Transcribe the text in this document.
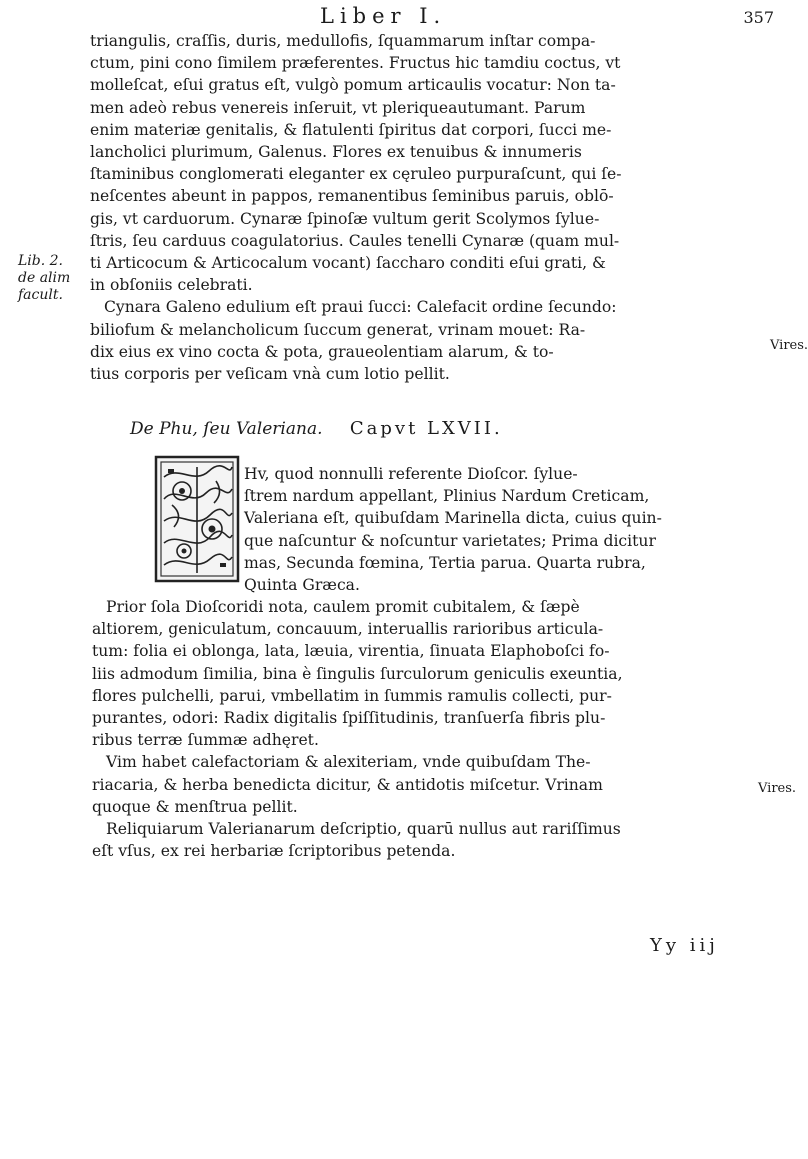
Liber I.	357
Lib. 2.
de alim
facult.
Vires.
Vires.
triangulis, craſſis, duris, medullofis, ſquammarum inſtar compa-
ctum, pini cono ſimilem præferentes. Fructus hic tamdiu coctus, vt
molleſcat, eſui gratus eſt, vulgò pomum articaulis vocatur: Non ta-
men adeò rebus venereis inſeruit, vt pleriqueautumant. Parum
enim materiæ genitalis, & flatulenti ſpiritus dat corpori, ſucci me-
lancholici plurimum, Galenus. Flores ex tenuibus & innumeris
ſtaminibus conglomerati eleganter ex cęruleo purpuraſcunt, qui ſe-
neſcentes abeunt in pappos, remanentibus ſeminibus paruis, oblō-
gis, vt carduorum. Cynaræ ſpinoſæ vultum gerit Scolymos ſylue-
ſtris, ſeu carduus coagulatorius. Caules tenelli Cynaræ (quam mul-
ti Articocum & Articocalum vocant) ſaccharo conditi eſui grati, &
in obſoniis celebrati.
Cynara Galeno edulium eſt praui ſucci: Calefacit ordine ſecundo:
biliofum & melancholicum ſuccum generat, vrinam mouet: Ra-
dix eius ex vino cocta & pota, graueolentiam alarum, & to-
tius corporis per veſicam vnà cum lotio pellit.
De Phu, ſeu Valeriana. Capvt LXVII.
Hv, quod nonnulli referente Dioſcor. ſylue-
ſtrem nardum appellant, Plinius Nardum Creticam,
Valeriana eſt, quibuſdam Marinella dicta, cuius quin-
que naſcuntur & noſcuntur varietates; Prima dicitur
mas, Secunda fœmina, Tertia parua. Quarta rubra,
Quinta Græca.
Prior ſola Dioſcoridi nota, caulem promit cubitalem, & ſæpè
altiorem, geniculatum, concauum, interuallis rarioribus articula-
tum: folia ei oblonga, lata, læuia, virentia, ſinuata Elaphoboſci fo-
liis admodum ſimilia, bina è ſingulis ſurculorum geniculis exeuntia,
flores pulchelli, parui, vmbellatim in ſummis ramulis collecti, pur-
purantes, odori: Radix digitalis ſpiſſitudinis, tranſuerſa fibris plu-
ribus terræ ſummæ adhęret.
Vim habet calefactoriam & alexiteriam, vnde quibuſdam The-
riacaria, & herba benedicta dicitur, & antidotis miſcetur. Vrinam
quoque & menſtrua pellit.
Reliquiarum Valerianarum deſcriptio, quarū nullus aut rariſſimus
eſt vſus, ex rei herbariæ ſcriptoribus petenda.
Yy iij
